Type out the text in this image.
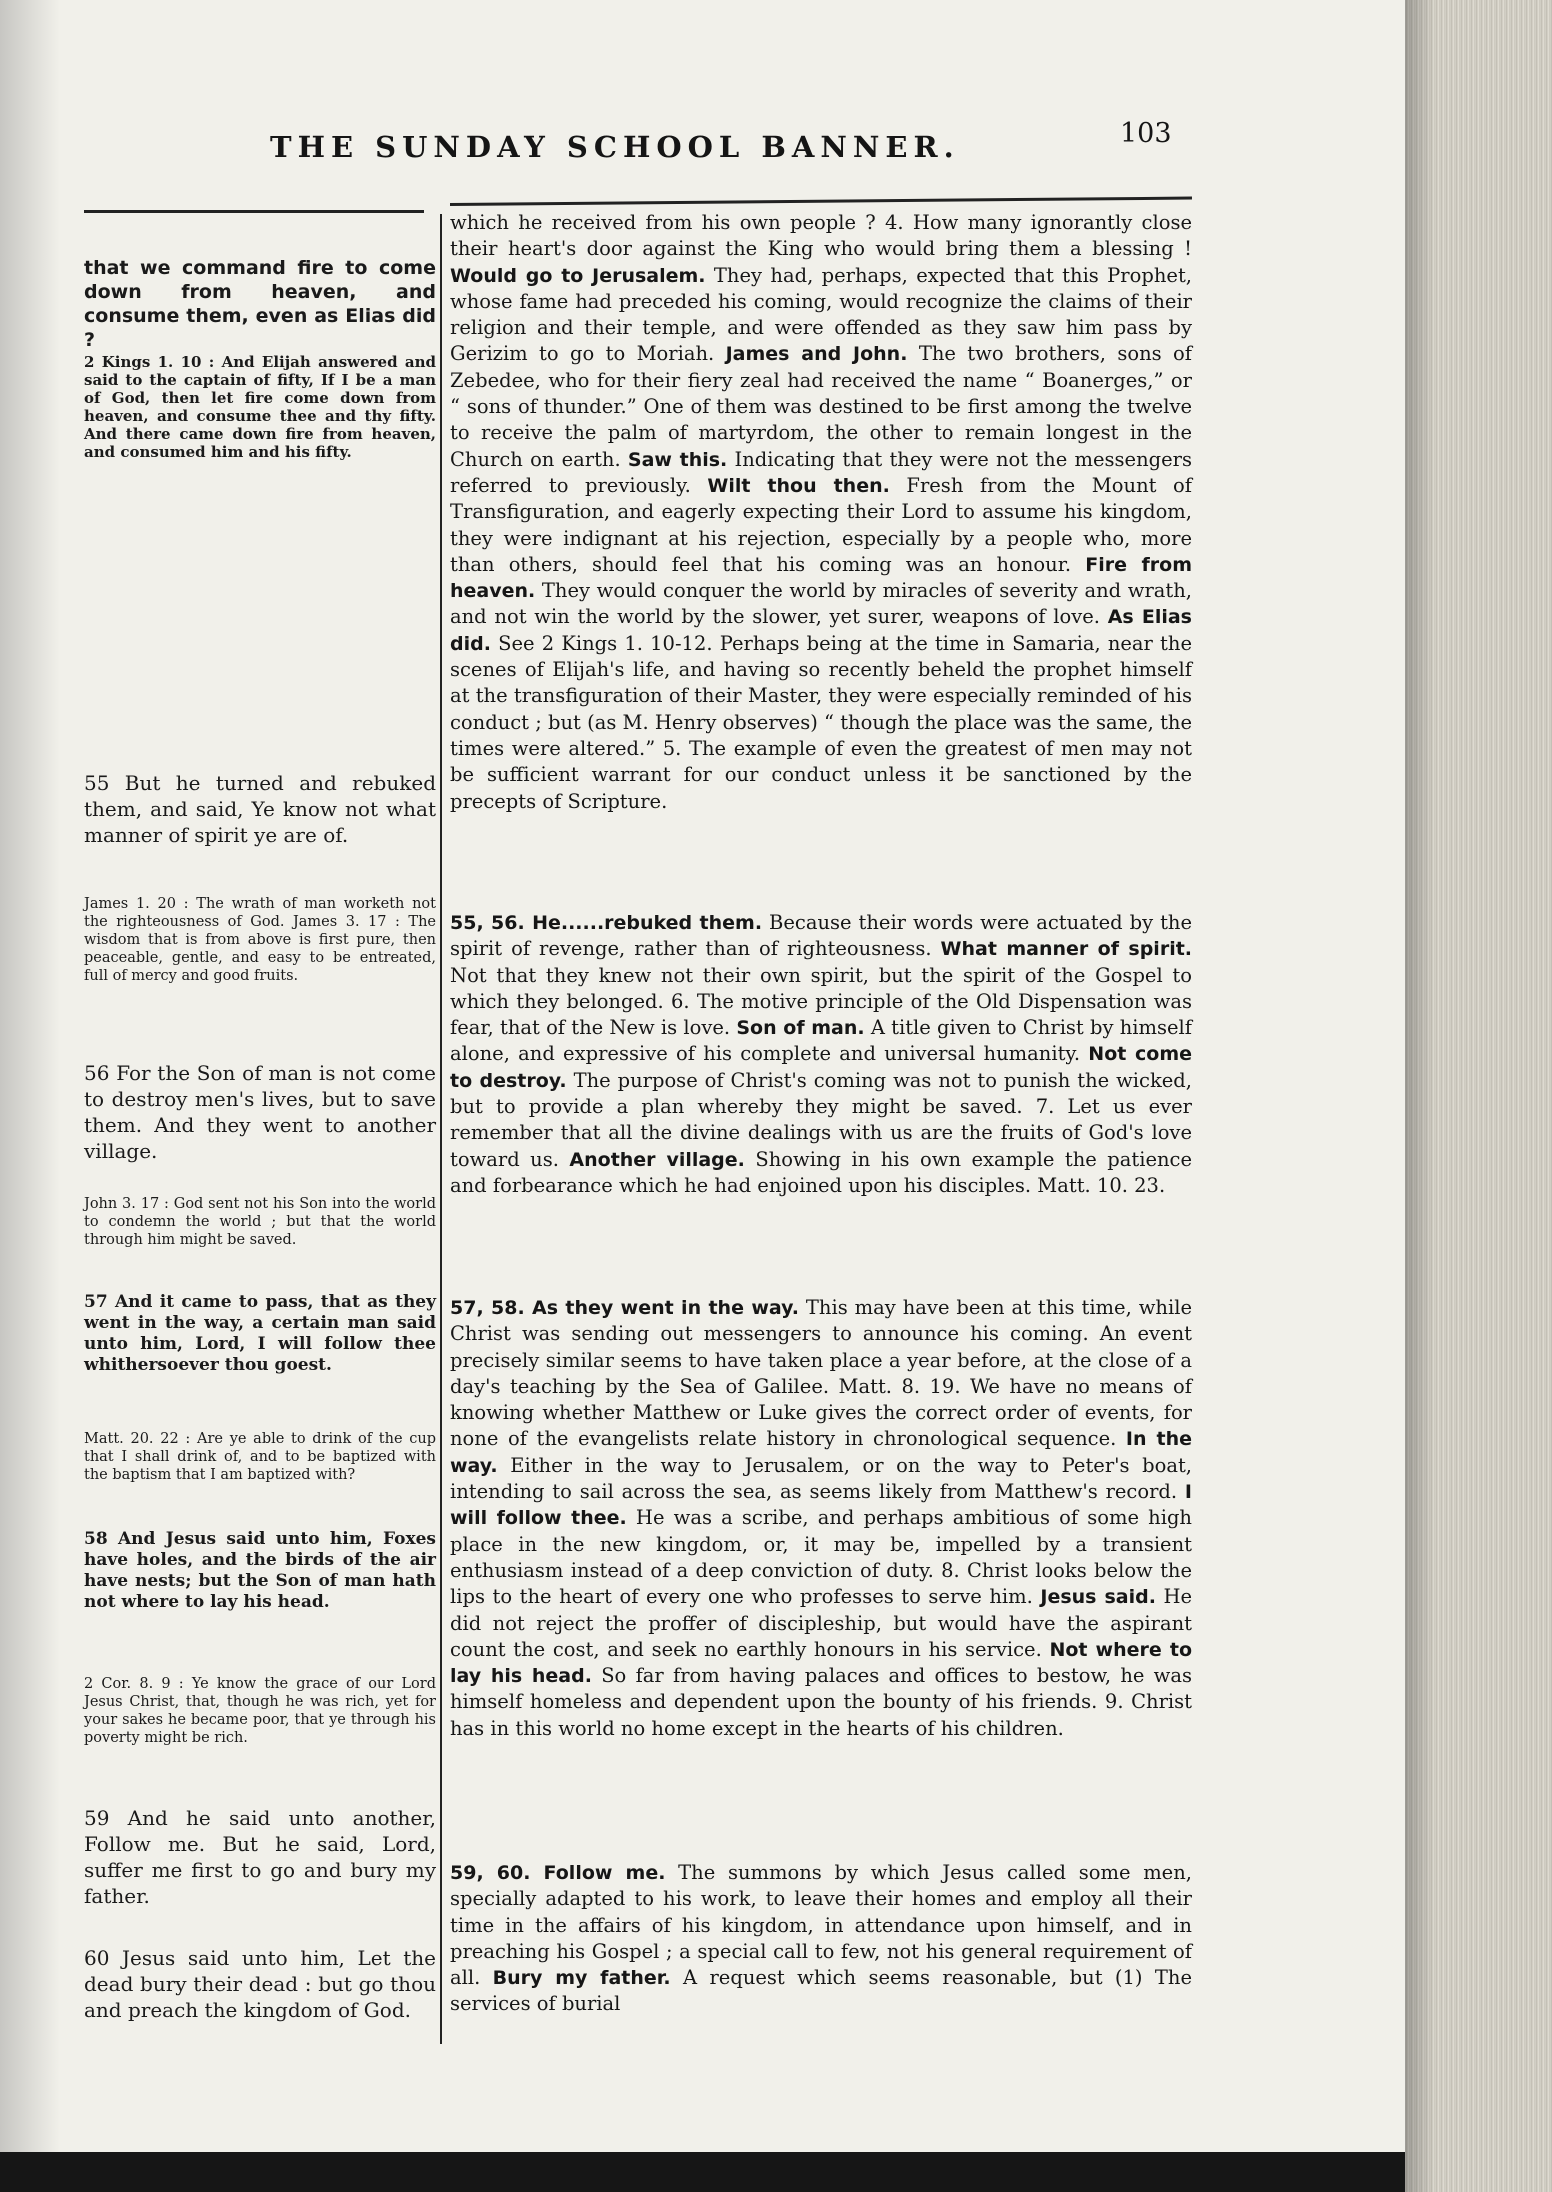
THE SUNDAY SCHOOL BANNER.	103

that we command fire to come down from heaven, and consume them, even as Elias did ?

2 Kings 1. 10 : And Elijah answered and said to the captain of fifty, If I be a man of God, then let fire come down from heaven, and consume thee and thy fifty. And there came down fire from heaven, and consumed him and his fifty.

55 But he turned and rebuked them, and said, Ye know not what manner of spirit ye are of.

James 1. 20 : The wrath of man worketh not the righteousness of God. James 3. 17 : The wisdom that is from above is first pure, then peaceable, gentle, and easy to be entreated, full of mercy and good fruits.

56 For the Son of man is not come to destroy men's lives, but to save them. And they went to another village.

John 3. 17 : God sent not his Son into the world to condemn the world ; but that the world through him might be saved.

57 And it came to pass, that as they went in the way, a certain man said unto him, Lord, I will follow thee whithersoever thou goest.

Matt. 20. 22 : Are ye able to drink of the cup that I shall drink of, and to be baptized with the baptism that I am baptized with?

58 And Jesus said unto him, Foxes have holes, and the birds of the air have nests; but the Son of man hath not where to lay his head.

2 Cor. 8. 9 : Ye know the grace of our Lord Jesus Christ, that, though he was rich, yet for your sakes he became poor, that ye through his poverty might be rich.

59 And he said unto another, Follow me. But he said, Lord, suffer me first to go and bury my father.

60 Jesus said unto him, Let the dead bury their dead : but go thou and preach the kingdom of God.

which he received from his own people ? 4. How many ignorantly close their heart's door against the King who would bring them a blessing ! Would go to Jerusalem. They had, perhaps, expected that this Prophet, whose fame had preceded his coming, would recognize the claims of their religion and their temple, and were offended as they saw him pass by Gerizim to go to Moriah. James and John. The two brothers, sons of Zebedee, who for their fiery zeal had received the name “ Boanerges,” or “ sons of thunder.” One of them was destined to be first among the twelve to receive the palm of martyrdom, the other to remain longest in the Church on earth. Saw this. Indicating that they were not the messengers referred to previously. Wilt thou then. Fresh from the Mount of Transfiguration, and eagerly expecting their Lord to assume his kingdom, they were indignant at his rejection, especially by a people who, more than others, should feel that his coming was an honour. Fire from heaven. They would conquer the world by miracles of severity and wrath, and not win the world by the slower, yet surer, weapons of love. As Elias did. See 2 Kings 1. 10-12. Perhaps being at the time in Samaria, near the scenes of Elijah's life, and having so recently beheld the prophet himself at the transfiguration of their Master, they were especially reminded of his conduct ; but (as M. Henry observes) “ though the place was the same, the times were altered.” 5. The example of even the greatest of men may not be sufficient warrant for our conduct unless it be sanctioned by the precepts of Scripture.

55, 56. He......rebuked them. Because their words were actuated by the spirit of revenge, rather than of righteousness. What manner of spirit. Not that they knew not their own spirit, but the spirit of the Gospel to which they belonged. 6. The motive principle of the Old Dispensation was fear, that of the New is love. Son of man. A title given to Christ by himself alone, and expressive of his complete and universal humanity. Not come to destroy. The purpose of Christ's coming was not to punish the wicked, but to provide a plan whereby they might be saved. 7. Let us ever remember that all the divine dealings with us are the fruits of God's love toward us. Another village. Showing in his own example the patience and forbearance which he had enjoined upon his disciples. Matt. 10. 23.

57, 58. As they went in the way. This may have been at this time, while Christ was sending out messengers to announce his coming. An event precisely similar seems to have taken place a year before, at the close of a day's teaching by the Sea of Galilee. Matt. 8. 19. We have no means of knowing whether Matthew or Luke gives the correct order of events, for none of the evangelists relate history in chronological sequence. In the way. Either in the way to Jerusalem, or on the way to Peter's boat, intending to sail across the sea, as seems likely from Matthew's record. I will follow thee. He was a scribe, and perhaps ambitious of some high place in the new kingdom, or, it may be, impelled by a transient enthusiasm instead of a deep conviction of duty. 8. Christ looks below the lips to the heart of every one who professes to serve him. Jesus said. He did not reject the proffer of discipleship, but would have the aspirant count the cost, and seek no earthly honours in his service. Not where to lay his head. So far from having palaces and offices to bestow, he was himself homeless and dependent upon the bounty of his friends. 9. Christ has in this world no home except in the hearts of his children.

59, 60. Follow me. The summons by which Jesus called some men, specially adapted to his work, to leave their homes and employ all their time in the affairs of his kingdom, in attendance upon himself, and in preaching his Gospel ; a special call to few, not his general requirement of all. Bury my father. A request which seems reasonable, but (1) The services of burial
